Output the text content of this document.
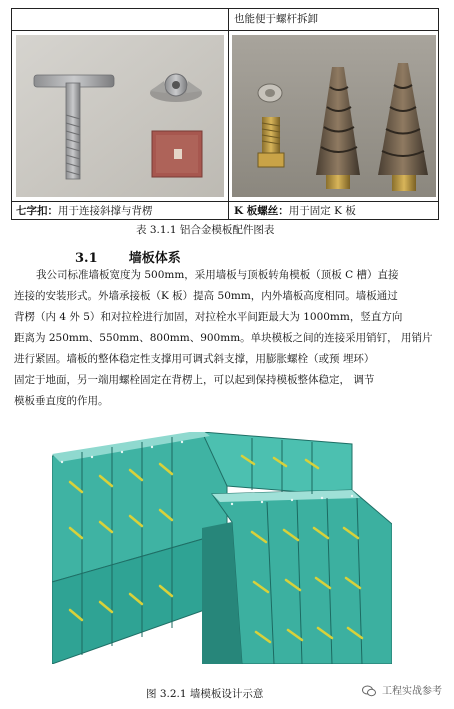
也能便于螺杆拆卸
七字扣：用于连接斜撑与背楞	K 板螺丝：用于固定 K 板
表 3.1.1 铝合金模板配件图表
3.1 墙板体系
我公司标准墙板宽度为 500mm，采用墙板与顶板转角模板（顶板 C 槽）直接
连接的安装形式。外墙承接板（K 板）提高 50mm，内外墙板高度相同。墙板通过
背楞（内 4 外 5）和对拉栓进行加固，对拉栓水平间距最大为 1000mm，竖直方向
距离为 250mm、550mm、800mm、900mm。单块模板之间的连接采用销钉， 用销片
进行紧固。墙板的整体稳定性支撑用可调式斜支撑，用膨胀螺栓（或预 埋环）
固定于地面，另一端用螺栓固定在背楞上，可以起到保持模板整体稳定， 调节
模板垂直度的作用。
图 3.2.1 墙模板设计示意	工程实战参考
